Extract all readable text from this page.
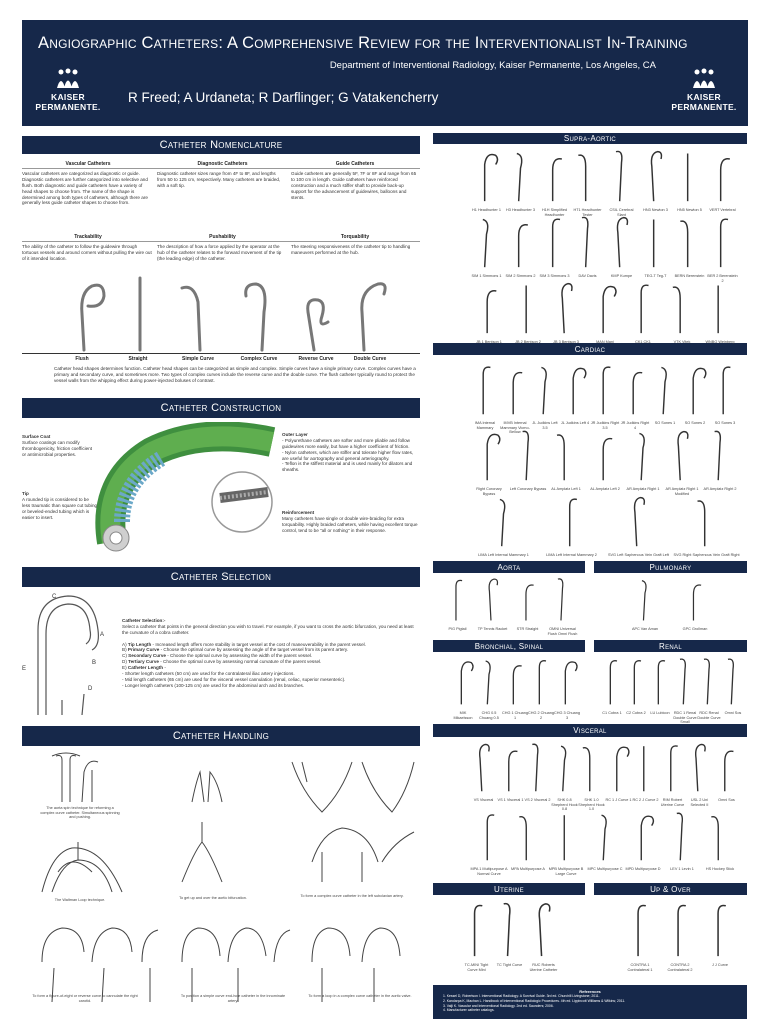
Angiographic Catheters: A Comprehensive Review for the Interventionalist In-Training
Department of Interventional Radiology, Kaiser Permanente, Los Angeles, CA
R Freed; A Urdaneta; R Darflinger; G Vatakencherry
KAISER PERMANENTE.
KAISER PERMANENTE.
Catheter Nomenclature
Vascular Catheters	Diagnostic Catheters	Guide Catheters
Vascular catheters are categorized as diagnostic or guide. Diagnostic catheters are further categorized into selective and flush. Both diagnostic and guide catheters have a variety of head shapes to choose from. The name of the shape is determined among both types of catheters, although there are generally less guide catheter shapes to choose from.
Diagnostic catheter sizes range from 4F to 8F, and lengths from 50 to 125 cm, respectively. Many catheters are braided, with a soft tip.
Guide catheters are generally 5F, 7F or 8F and range from 65 to 100 cm in length. Guide catheters have reinforced construction and a much stiffer shaft to provide back-up support for the advancement of guidewires, balloons and stents.
Trackability	Pushability	Torquability
The ability of the catheter to follow the guidewire through tortuous vessels and around corners without pulling the wire out of it intended location.
The description of how a force applied by the operator at the hub of the catheter relates to the forward movement of the tip (the leading edge) of the catheter.
The steering responsiveness of the catheter tip to handling maneuvers performed at the hub.
Flush	Straight	Simple Curve	Complex Curve	Reverse Curve	Double Curve
Catheter head shapes determines function. Catheter head shapes can be categorized as simple and complex. Simple curves have a single primary curve. Complex curves have a primary and secondary curve, and sometimes more. Two types of complex curves include the reverse curve and the double curve. The flush catheter typically round to protect the vessel walls from the whipping effect during power-injected boluses of contrast.
Catheter Construction
Surface Coat
Surface coatings can modify thrombogenicity, friction coefficient or antimicrobial properties.
Tip
A rounded tip is considered to be less traumatic than square cut tubing or beveled-ended tubing which is easier to insert.
Outer Layer
- Polyurethane catheters are softer and more pliable and follow guidewires more easily, but have a higher coefficient of friction.
- Nylon catheters, which are stiffer and tolerate higher flow rates, are useful for aortography and general arteriography.
- Teflon is the stiffest material and is used mainly for dilators and sheaths.
Reinforcement
Many catheters have single or double wire-braiding for extra torquability. Highly braided catheters, while having excellent torque control, tend to be "all or nothing" in their response.
Catheter Selection
C
A
B
D
E
Catheter Selection:-
Select a catheter that points in the general direction you wish to travel. For example, if you want to cross the aortic bifurcation, you need at least the curvature of a cobra catheter.

A) Tip Length - Increased length offers more stability in target vessel at the cost of maneuverability in the parent vessel.
B) Primary Curve - Choose the optimal curve by assessing the angle of the target vessel from its parent artery.
C) Secondary Curve - Choose the optimal curve by assessing the width of the parent vessel.
D) Tertiary Curve - Choose the optimal curve by assessing normal curvature of the parent vessel.
E) Catheter Length -
- Shorter length catheters (50 cm) are used for the contralateral iliac artery injections.
- Mid length catheters (65 cm) are used for the visceral vessel cannulation (renal, celiac, superior mesenteric).
- Longer length catheters (100-125 cm) are used for the abdominal arch and its branches.
Catheter Handling
The aorta spin technique for reforming a complex curve catheter. Simultaneous spinning and pushing.
The Waltman Loop technique.	To get up and over the aortic bifurcation.	To form a complex curve catheter in the left subclavian artery.
To form a figure-of-eight or reverse curve to cannulate the right carotid.
To position a simple curve end-hole catheter in the innominate artery.
To form a loop in a complex curve catheter in the aortic valve.
Supra-Aortic
Cardiac
Aorta	Pulmonary
Bronchial, Spinal	Renal
Visceral
Uterine	Up & Over
H1 Headhunter 1	H3 Headhunter 3	H1H Simplified Headhunter
HT1 Headhunter Tester
CSIL Cerebral Slant
HN3 Newton 3	HN5 Newton 5	VERT Vertebral
SIM 1 Simmons 1	SIM 2 Simmons 2	SIM 3 Simmons 3	DAV Davis	KMP Kumpe	TEG-T Teg-T	BERN Berenstein BER 2 Berenstein 2
JB 1 Bentson 1	JB 2 Bentson 2	JB 3 Bentson 3	MAN Mani	CK1 CK1	VTK Vitek	WNBG Weinberg
IMA Internal Mammary
IMVB Internal Mammary Vicmo-Bellow
JL Judkins Left 3.5
JL Judkins Left 4 JR Judkins Right 3.5
JR Judkins Right 4
SO Sones 1	SO Sones 2	SO Sones 3
Right Coronary Bypass
Left Coronary Bypass	AL Amplatz Left 1	AL Amplatz Left 2	AR Amplatz Right 1	AR Amplatz Right 1 Modified
AR Amplatz Right 2
LIMA Left Internal Mammary 1	LIMA Left Internal Mammary 2	SVG Left Saphenous Vein Graft Left	SVG Right Saphenous Vein Graft Right
PIG Pigtail	TP Tennis Racket	STR Straight	OMNI Universal Flush Omni Flush
APC Van Aman	GPC Grollman
MIK Mikaelsson
CHG 0.5 Chuang 0.5
CHG 1 Chuang 1
CHG 2 Chuang 2
CHG 3 Chuang 3
C1 Cobra 1	C2 Cobra 2	LU Lubicon	RDC 1 Renal Double Curve Small
RDC Renal Double Curve
Omni Sos
VS Visceral	VS 1 Visceral 1 VS 2 Visceral 2	SHK 0.8 Shepherd Hook 0.8
SHK 1.0 Shepherd Hook 1.0
RC 1 J Curve 1 RC 2 J Curve 2	RIM Robert Uterine Curve
USL 2 Uni Selected II
Omni Sos
MPA 1 Multipurpose A Normal Curve
MPA Multipurpose A MPB Multipurpose B Large Curve
MPC Multipurpose C MPD Multipurpose D	LEV 1 Levin 1	HS Hockey Stick
TC-MINI Tight Curve Mini
TC Tight Curve	RUC Roberts Uterine Catheter
CONTRA 1 Contralateral 1
CONTRA 2 Contralateral 2
J J Curve
References
1. Kessel D, Robertson I. Interventional Radiology: A Survival Guide. 3rd ed. Churchill Livingstone; 2011.
2. Kandarpa K, Machan L. Handbook of Interventional Radiologic Procedures. 4th ed. Lippincott Williams & Wilkins; 2011.
3. Valji K. Vascular and Interventional Radiology. 2nd ed. Saunders; 2006.
4. Manufacturer catheter catalogs.
